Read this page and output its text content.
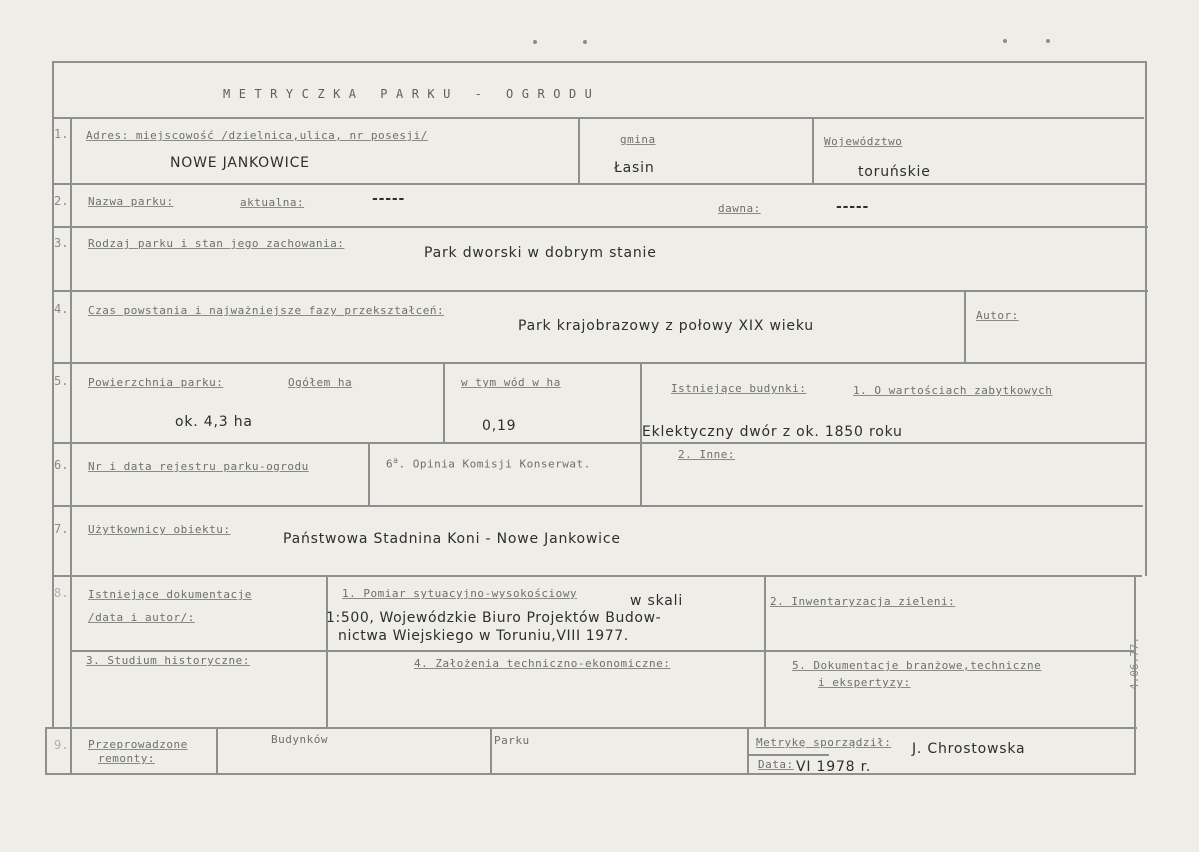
METRYCZKA PARKU - OGRODU
1. Adres: miejscowość /dzielnica,ulica, nr posesji/
NOWE JANKOWICE
gmina
Łasin
Województwo
toruńskie
2. Nazwa parku:	aktualna:	-----
dawna:	-----
3. Rodzaj parku i stan jego zachowania:
Park dworski w dobrym stanie
4. Czas powstania i najważniejsze fazy przekształceń:
Park krajobrazowy z połowy XIX wieku
Autor:
5. Powierzchnia parku:	Ogółem ha
ok. 4,3 ha
w tym wód w ha
0,19
Istniejące budynki:	1. O wartościach zabytkowych
Eklektyczny dwór z ok. 1850 roku
6. Nr i data rejestru parku-ogrodu	6$^a$. Opinia Komisji Konserwat.
2. Inne:
7. Użytkownicy obiektu:
Państwowa Stadnina Koni - Nowe Jankowice
8. Istniejące dokumentacje
/data i autor/:
1. Pomiar sytuacyjno-wysokościowy	w skali
1:500, Wojewódzkie Biuro Projektów Budow-
nictwa Wiejskiego w Toruniu,VIII 1977.
2. Inwentaryzacja zieleni:
3. Studium historyczne:	4. Założenia techniczno-ekonomiczne:	5. Dokumentacje branżowe,techniczne
i ekspertyzy:
9. Przeprowadzone
remonty:
Budynków	Parku	Metrykę sporządził: J. Chrostowska
Data: VI 1978 r.
4.06.77.
